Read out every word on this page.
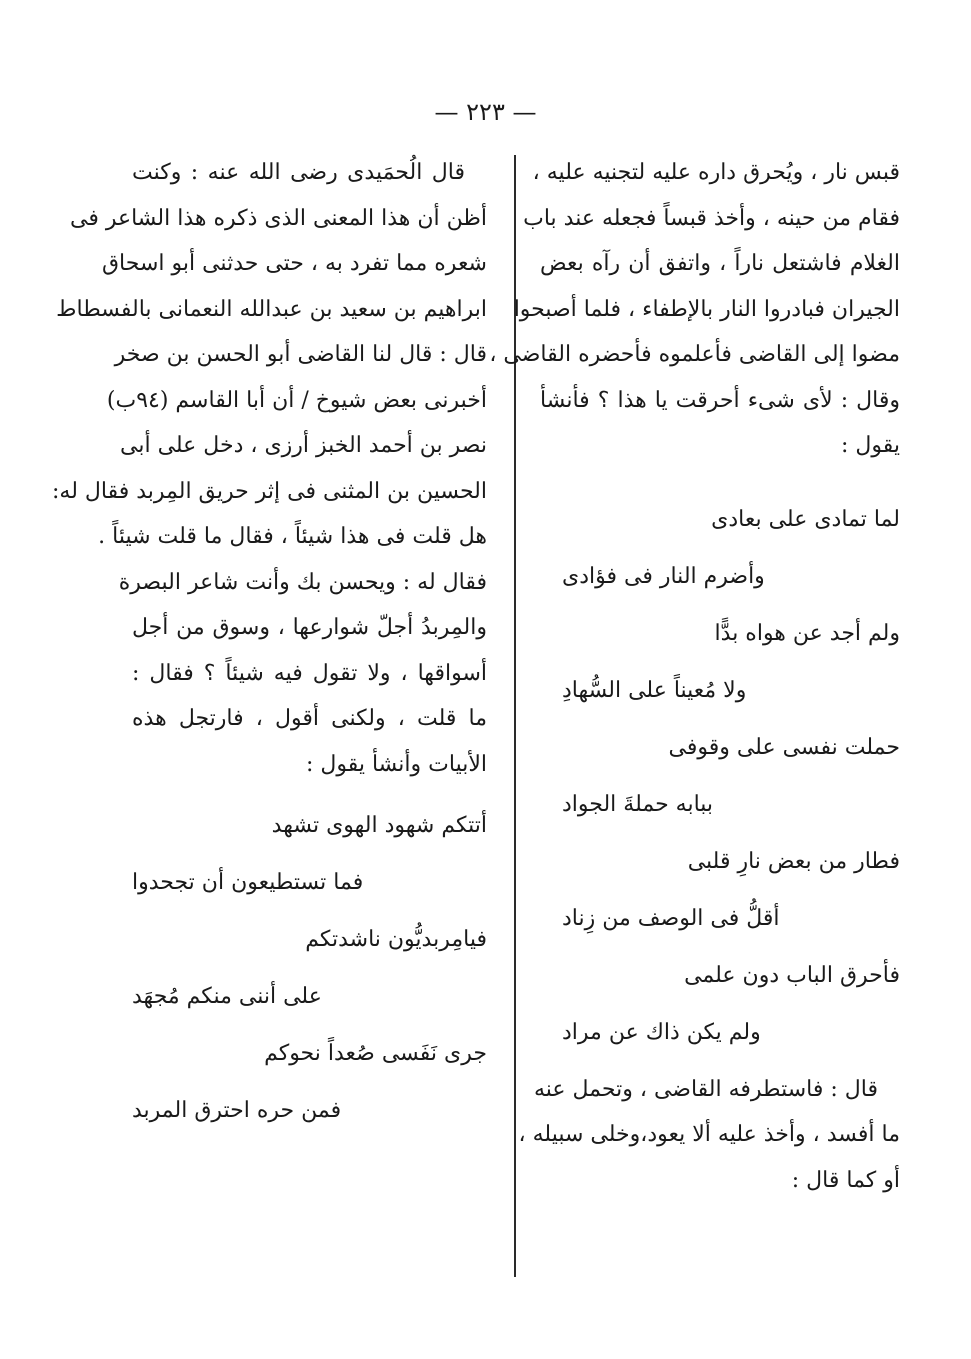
— ٢٢٣ —
قبس نار ، ويُحرق داره عليه لتجنيه عليه ،
فقام من حينه ، وأخذ قبساً فجعله عند باب
الغلام فاشتعل ناراً ، واتفق أن رآه بعض
الجيران فبادروا النار بالإطفاء ، فلما أصبحوا
مضوا إلى القاضى فأعلموه فأحضره القاضى ،
وقال : لأى شىء أحرقت يا هذا ؟ فأنشأ
يقول :
لما تمادى على بعادى
وأضرم النار فى فؤادى
ولم أجد عن هواه بدًّا
ولا مُعيناً على السُّهادِ
حملت نفسى على وقوفى
ببابه حملةَ الجواد
فطار من بعض نارِ قلبى
أقلُّ فى الوصف من زِناد
فأحرق الباب دون علمى
ولم يكن ذاك عن مراد
قال : فاستطرفه القاضى ، وتحمل عنه
ما أفسد ، وأخذ عليه ألا يعود،وخلى سبيله ،
أو كما قال :
قال الُحمَيدى رضى الله عنه : وكنت
أظن أن هذا المعنى الذى ذكره هذا الشاعر فى
شعره مما تفرد به ، حتى حدثنى أبو اسحاق
ابراهيم بن سعيد بن عبدالله النعمانى بالفسطاط
قال : قال لنا القاضى أبو الحسن بن صخر
أخبرنى بعض شيوخ / أن أبا القاسم (٩٤ب)
نصر بن أحمد الخبز أرزى ، دخل على أبى
الحسين بن المثنى فى إثر حريق المِربد فقال له:
هل قلت فى هذا شيئاً ، فقال ما قلت شيئاً .
فقال له : ويحسن بك وأنت شاعر البصرة
والمِربدُ أجلّ شوارعها ، وسوق من أجل
أسواقها ، ولا تقول فيه شيئاً ؟ فقال :
ما قلت ، ولكنى أقول ، فارتجل هذه
الأبيات وأنشأ يقول :
أتتكم شهود الهوى تشهد
فما تستطيعون أن تجحدوا
فيامِربديُّون ناشدتكم
على أننى منكم مُجهَد
جرى نَفَسى صُعداً نحوكم
فمن حره احترق المربد
